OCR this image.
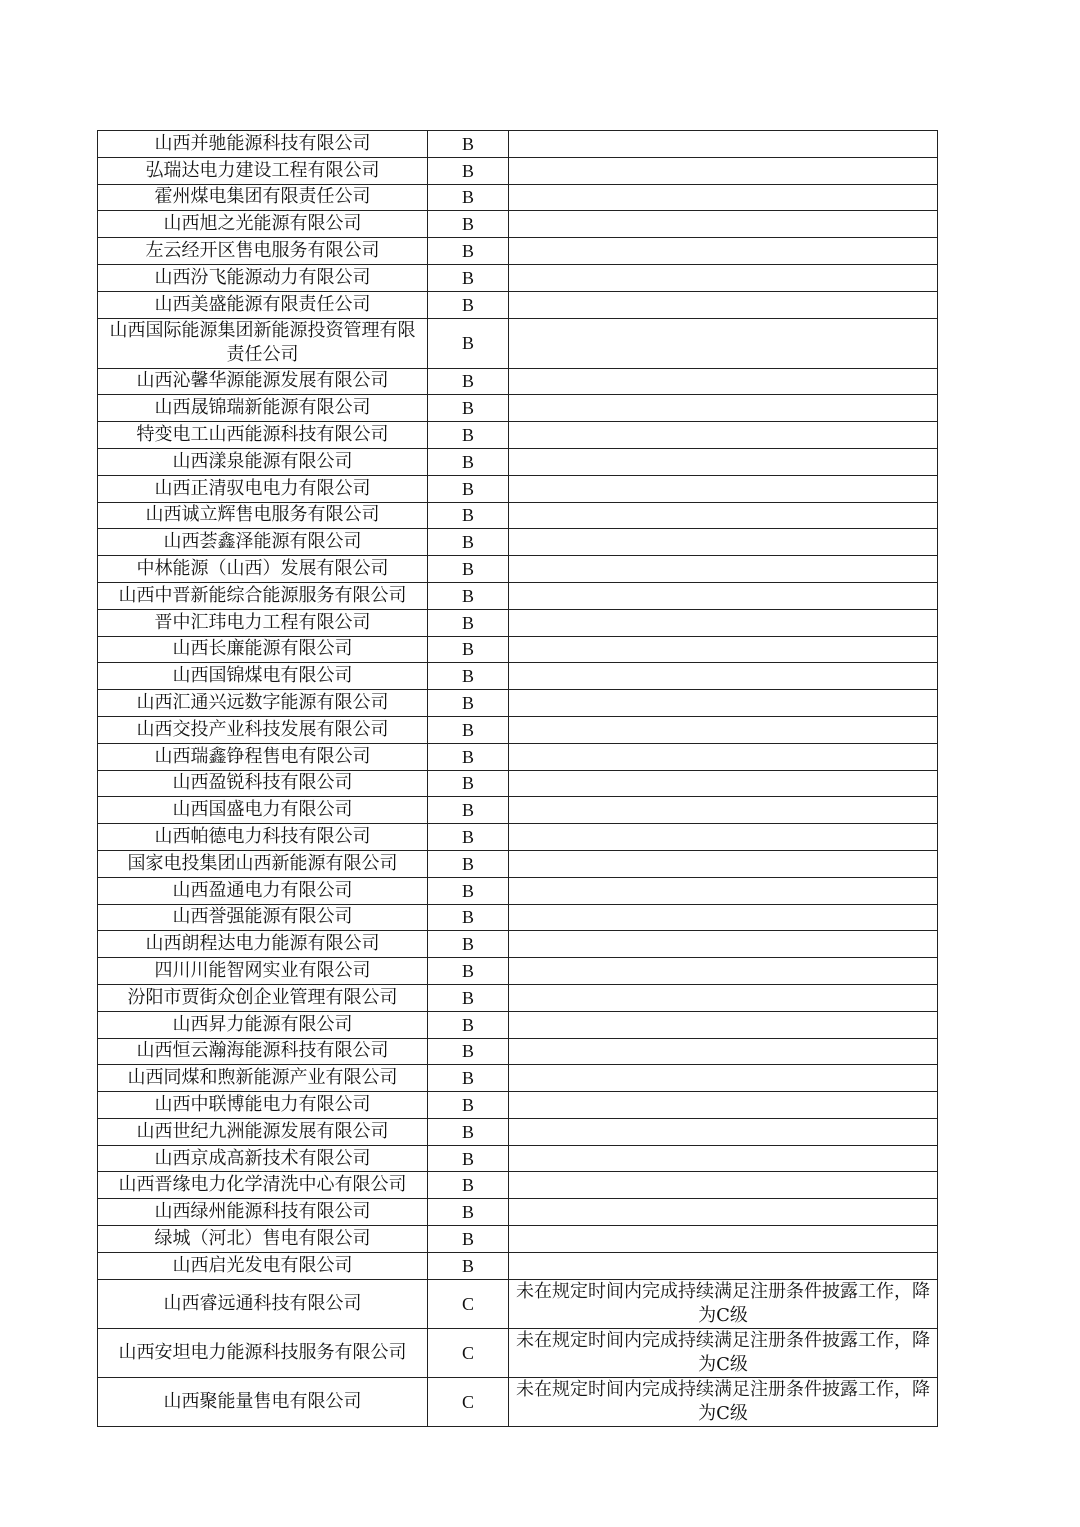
山西并驰能源科技有限公司	B	
弘瑞达电力建设工程有限公司	B	
霍州煤电集团有限责任公司	B	
山西旭之光能源有限公司	B	
左云经开区售电服务有限公司	B	
山西汾飞能源动力有限公司	B	
山西美盛能源有限责任公司	B	
山西国际能源集团新能源投资管理有限责任公司	B	
山西沁馨华源能源发展有限公司	B	
山西晟锦瑞新能源有限公司	B	
特变电工山西能源科技有限公司	B	
山西漾泉能源有限公司	B	
山西正清驭电电力有限公司	B	
山西诚立辉售电服务有限公司	B	
山西荟鑫泽能源有限公司	B	
中林能源（山西）发展有限公司	B	
山西中晋新能综合能源服务有限公司	B	
晋中汇玮电力工程有限公司	B	
山西长廉能源有限公司	B	
山西国锦煤电有限公司	B	
山西汇通兴远数字能源有限公司	B	
山西交投产业科技发展有限公司	B	
山西瑞鑫铮程售电有限公司	B	
山西盈锐科技有限公司	B	
山西国盛电力有限公司	B	
山西帕德电力科技有限公司	B	
国家电投集团山西新能源有限公司	B	
山西盈通电力有限公司	B	
山西誉强能源有限公司	B	
山西朗程达电力能源有限公司	B	
四川川能智网实业有限公司	B	
汾阳市贾街众创企业管理有限公司	B	
山西昇力能源有限公司	B	
山西恒云瀚海能源科技有限公司	B	
山西同煤和煦新能源产业有限公司	B	
山西中联博能电力有限公司	B	
山西世纪九洲能源发展有限公司	B	
山西京成高新技术有限公司	B	
山西晋缘电力化学清洗中心有限公司	B	
山西绿州能源科技有限公司	B	
绿城（河北）售电有限公司	B	
山西启光发电有限公司	B	
山西睿远通科技有限公司	C	未在规定时间内完成持续满足注册条件披露工作，降为C级
山西安坦电力能源科技服务有限公司	C	未在规定时间内完成持续满足注册条件披露工作，降为C级
山西聚能量售电有限公司	C	未在规定时间内完成持续满足注册条件披露工作，降为C级
